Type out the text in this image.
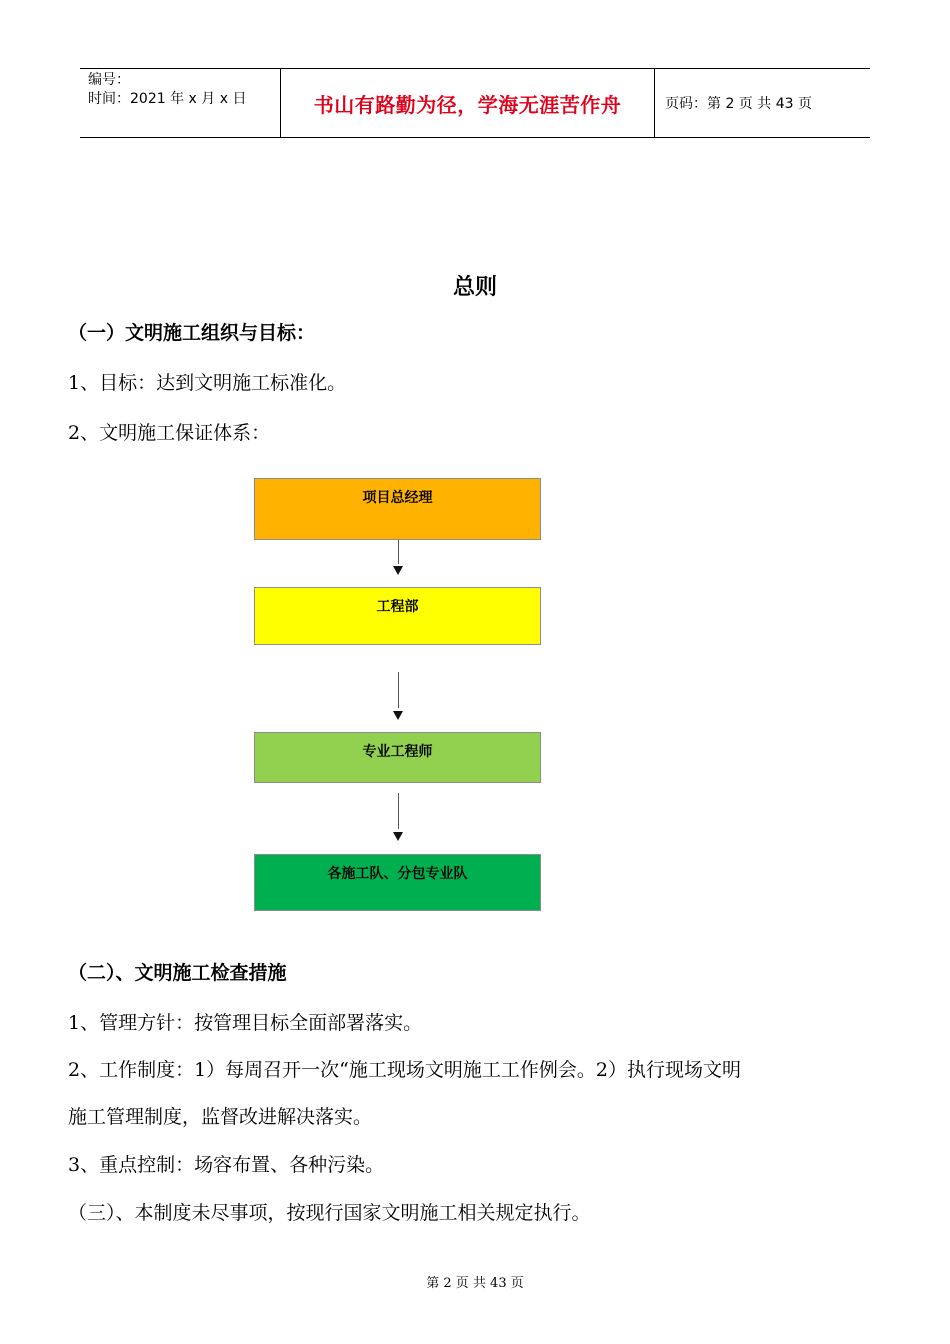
编号：
时间：2021 年 x 月 x 日	书山有路勤为径，学海无涯苦作舟	页码：第 2 页 共 43 页
总则
（一）文明施工组织与目标：
1、目标：达到文明施工标准化。
2、文明施工保证体系：
项目总经理
工程部
专业工程师
各施工队、分包专业队
（二）、文明施工检查措施
1、管理方针：按管理目标全面部署落实。
2、工作制度：1）每周召开一次“施工现场文明施工工作例会。2）执行现场文明
施工管理制度，监督改进解决落实。
3、重点控制：场容布置、各种污染。
（三）、本制度未尽事项，按现行国家文明施工相关规定执行。
第 2 页 共 43 页
